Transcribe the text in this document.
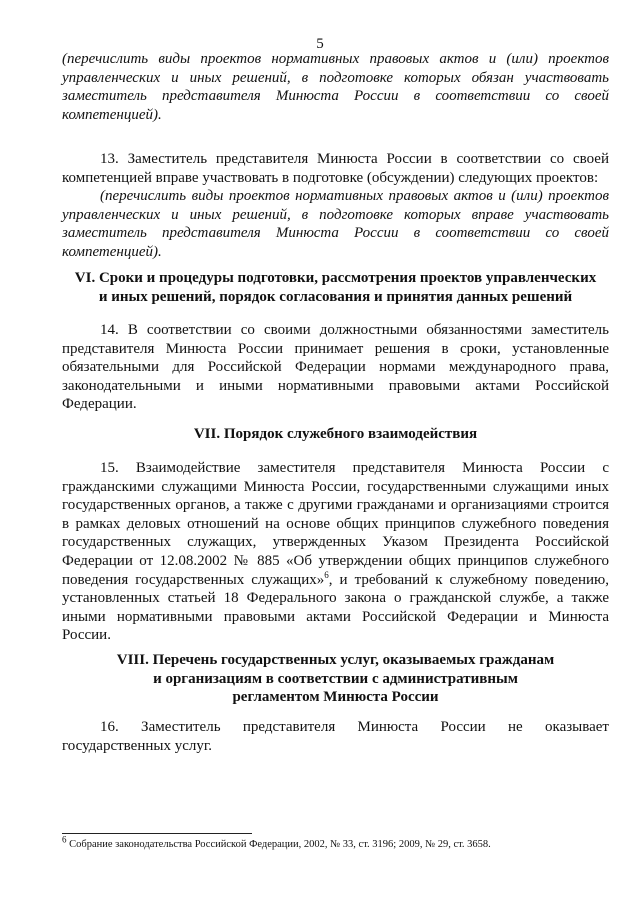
5
(перечислить виды проектов нормативных правовых актов и (или) проектов управленческих и иных решений, в подготовке которых обязан участвовать заместитель представителя Минюста России в соответствии со своей компетенцией).
13. Заместитель представителя Минюста России в соответствии со своей компетенцией вправе участвовать в подготовке (обсуждении) следующих проектов:
(перечислить виды проектов нормативных правовых актов и (или) проектов управленческих и иных решений, в подготовке которых вправе участвовать заместитель представителя Минюста России в соответствии со своей компетенцией).
VI. Сроки и процедуры подготовки, рассмотрения проектов управленческих и иных решений, порядок согласования и принятия данных решений
14. В соответствии со своими должностными обязанностями заместитель представителя Минюста России принимает решения в сроки, установленные обязательными для Российской Федерации нормами международного права, законодательными и иными нормативными правовыми актами Российской Федерации.
VII. Порядок служебного взаимодействия
15. Взаимодействие заместителя представителя Минюста России с гражданскими служащими Минюста России, государственными служащими иных государственных органов, а также с другими гражданами и организациями строится в рамках деловых отношений на основе общих принципов служебного поведения государственных служащих, утвержденных Указом Президента Российской Федерации от 12.08.2002 № 885 «Об утверждении общих принципов служебного поведения государственных служащих»$^6$, и требований к служебному поведению, установленных статьей 18 Федерального закона о гражданской службе, а также иными нормативными правовыми актами Российской Федерации и Минюста России.
VIII. Перечень государственных услуг, оказываемых гражданам
и организациям в соответствии с административным
регламентом Минюста России
16. Заместитель представителя Минюста России не оказывает государственных услуг.
$^6$ Собрание законодательства Российской Федерации, 2002, № 33, ст. 3196; 2009, № 29, ст. 3658.
